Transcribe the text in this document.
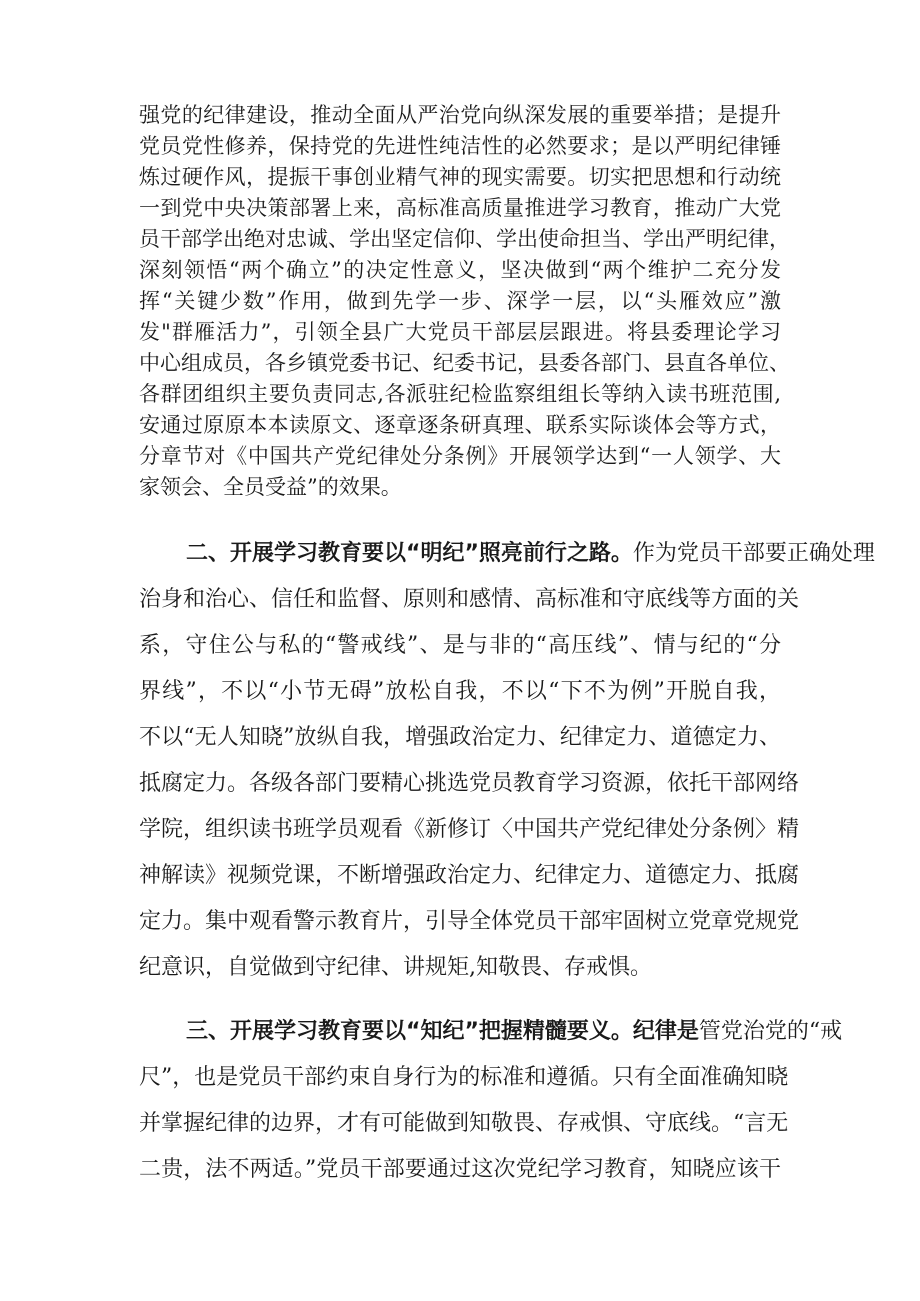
强党的纪律建设，推动全面从严治党向纵深发展的重要举措；是提升
党员党性修养，保持党的先进性纯洁性的必然要求；是以严明纪律锤
炼过硬作风，提振干事创业精气神的现实需要。切实把思想和行动统
一到党中央决策部署上来，高标准高质量推进学习教育，推动广大党
员干部学出绝对忠诚、学出坚定信仰、学出使命担当、学出严明纪律，
深刻领悟“两个确立”的决定性意义，坚决做到“两个维护二充分发
挥“关键少数”作用，做到先学一步、深学一层，以“头雁效应”激
发"群雁活力”，引领全县广大党员干部层层跟进。将县委理论学习
中心组成员，各乡镇党委书记、纪委书记，县委各部门、县直各单位、
各群团组织主要负责同志,各派驻纪检监察组组长等纳入读书班范围,
安通过原原本本读原文、逐章逐条研真理、联系实际谈体会等方式，
分章节对《中国共产党纪律处分条例》开展领学达到“一人领学、大
家领会、全员受益”的效果。
二、开展学习教育要以“明纪”照亮前行之路。作为党员干部要正确处理
治身和治心、信任和监督、原则和感情、高标准和守底线等方面的关
系，守住公与私的“警戒线”、是与非的“高压线”、情与纪的“分
界线”，不以“小节无碍”放松自我，不以“下不为例”开脱自我，
不以“无人知晓”放纵自我，增强政治定力、纪律定力、道德定力、
抵腐定力。各级各部门要精心挑选党员教育学习资源，依托干部网络
学院，组织读书班学员观看《新修订〈中国共产党纪律处分条例〉精
神解读》视频党课，不断增强政治定力、纪律定力、道德定力、抵腐
定力。集中观看警示教育片，引导全体党员干部牢固树立党章党规党
纪意识，自觉做到守纪律、讲规矩,知敬畏、存戒惧。
三、开展学习教育要以“知纪”把握精髓要义。纪律是管党治党的“戒
尺”，也是党员干部约束自身行为的标准和遵循。只有全面准确知晓
并掌握纪律的边界，才有可能做到知敬畏、存戒惧、守底线。“言无
二贵，法不两适。”党员干部要通过这次党纪学习教育，知晓应该干
